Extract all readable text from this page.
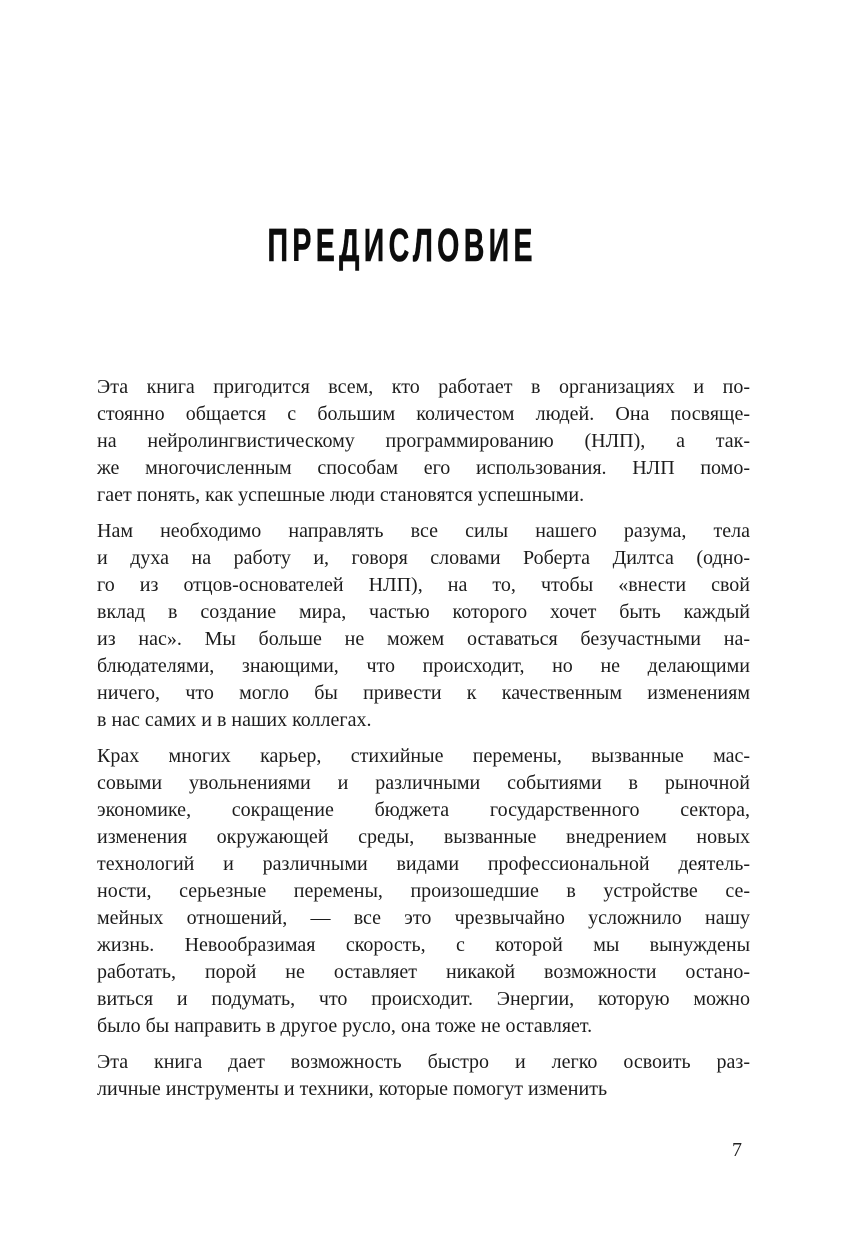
ПРЕДИСЛОВИЕ
Эта книга пригодится всем, кто работает в организациях и по-
стоянно общается с большим количестом людей. Она посвяще-
на нейролингвистическому программированию (НЛП), а так-
же многочисленным способам его использования. НЛП помо-
гает понять, как успешные люди становятся успешными.
Нам необходимо направлять все силы нашего разума, тела
и духа на работу и, говоря словами Роберта Дилтса (одно-
го из отцов-основателей НЛП), на то, чтобы «внести свой
вклад в создание мира, частью которого хочет быть каждый
из нас». Мы больше не можем оставаться безучастными на-
блюдателями, знающими, что происходит, но не делающими
ничего, что могло бы привести к качественным изменениям
в нас самих и в наших коллегах.
Крах многих карьер, стихийные перемены, вызванные мас-
совыми увольнениями и различными событиями в рыночной
экономике, сокращение бюджета государственного сектора,
изменения окружающей среды, вызванные внедрением новых
технологий и различными видами профессиональной деятель-
ности, серьезные перемены, произошедшие в устройстве се-
мейных отношений, — все это чрезвычайно усложнило нашу
жизнь. Невообразимая скорость, с которой мы вынуждены
работать, порой не оставляет никакой возможности остано-
виться и подумать, что происходит. Энергии, которую можно
было бы направить в другое русло, она тоже не оставляет.
Эта книга дает возможность быстро и легко освоить раз-
личные инструменты и техники, которые помогут изменить
7
